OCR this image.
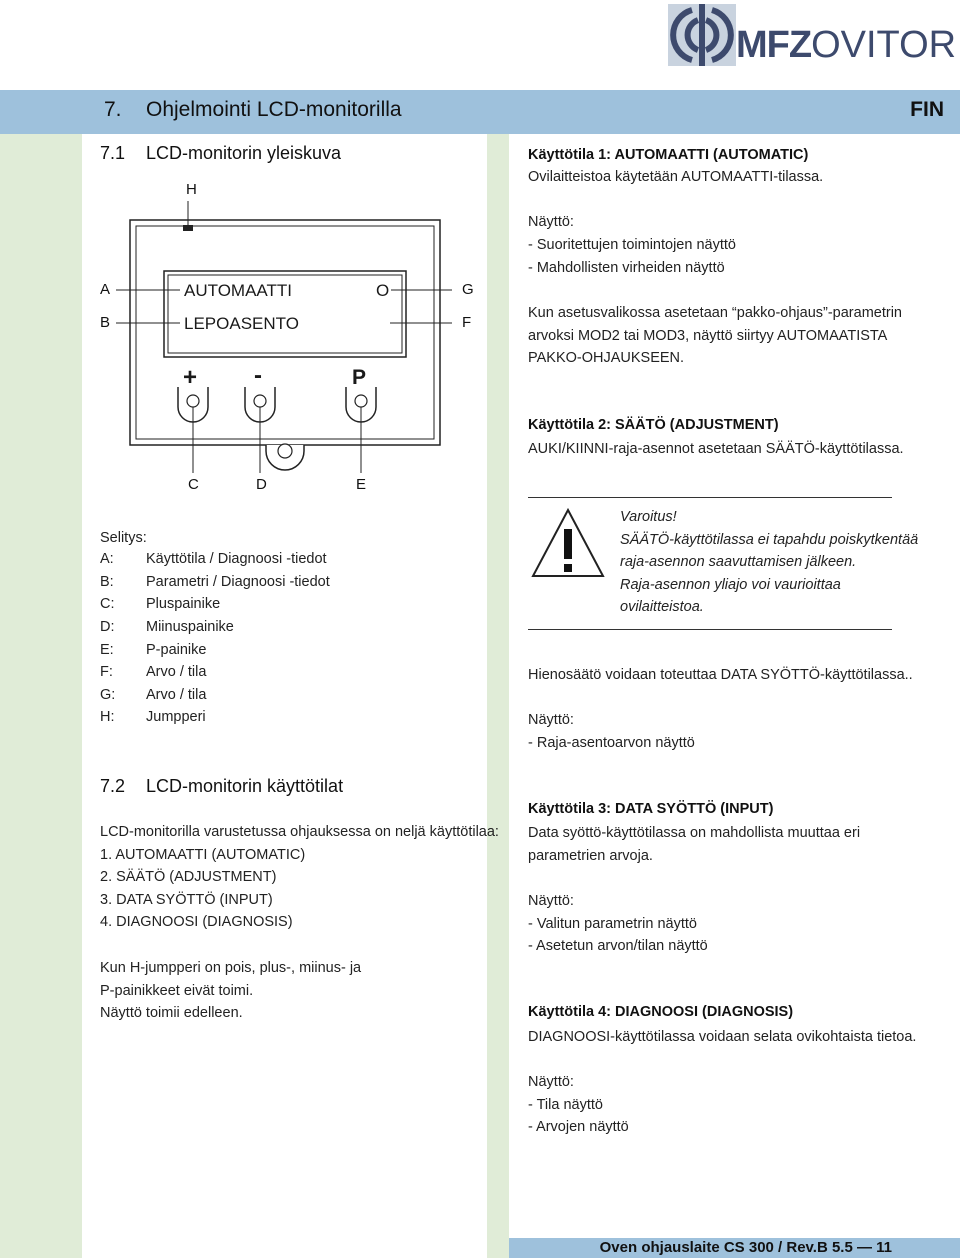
MFZOVITOR
7. Ohjelmointi LCD-monitorilla	FIN
7.1 LCD-monitorin yleiskuva
H
A
B
G
F
C	D	E
AUTOMAATTI	O
LEPOASENTO
+ -	P
Selitys:
A: Käyttötila / Diagnoosi -tiedot
B: Parametri / Diagnoosi -tiedot
C: Pluspainike
D: Miinuspainike
E: P-painike
F: Arvo / tila
G: Arvo / tila
H: Jumpperi
7.2 LCD-monitorin käyttötilat
LCD-monitorilla varustetussa ohjauksessa on neljä käyttötilaa:
1. AUTOMAATTI (AUTOMATIC)
2. SÄÄTÖ (ADJUSTMENT)
3. DATA SYÖTTÖ (INPUT)
4. DIAGNOOSI (DIAGNOSIS)
Kun H-jumpperi on pois, plus-, miinus- ja
P-painikkeet eivät toimi.
Näyttö toimii edelleen.
Käyttötila 1: AUTOMAATTI (AUTOMATIC)
Ovilaitteistoa käytetään AUTOMAATTI-tilassa.
Näyttö:
- Suoritettujen toimintojen näyttö
- Mahdollisten virheiden näyttö
Kun asetusvalikossa asetetaan “pakko-ohjaus”-parametrin
arvoksi MOD2 tai MOD3, näyttö siirtyy AUTOMAATISTA
PAKKO-OHJAUKSEEN.
Käyttötila 2: SÄÄTÖ (ADJUSTMENT)
AUKI/KIINNI-raja-asennot asetetaan SÄÄTÖ-käyttötilassa.
Varoitus!
SÄÄTÖ-käyttötilassa ei tapahdu poiskytkentää
raja-asennon saavuttamisen jälkeen.
Raja-asennon yliajo voi vaurioittaa
ovilaitteistoa.
Hienosäätö voidaan toteuttaa DATA SYÖTTÖ-käyttötilassa..
Näyttö:
- Raja-asentoarvon näyttö
Käyttötila 3: DATA SYÖTTÖ (INPUT)
Data syöttö-käyttötilassa on mahdollista muuttaa eri
parametrien arvoja.
Näyttö:
- Valitun parametrin näyttö
- Asetetun arvon/tilan näyttö
Käyttötila 4: DIAGNOOSI (DIAGNOSIS)
DIAGNOOSI-käyttötilassa voidaan selata ovikohtaista tietoa.
Näyttö:
- Tila näyttö
- Arvojen näyttö
Oven ohjauslaite CS 300 / Rev.B 5.5 — 11
